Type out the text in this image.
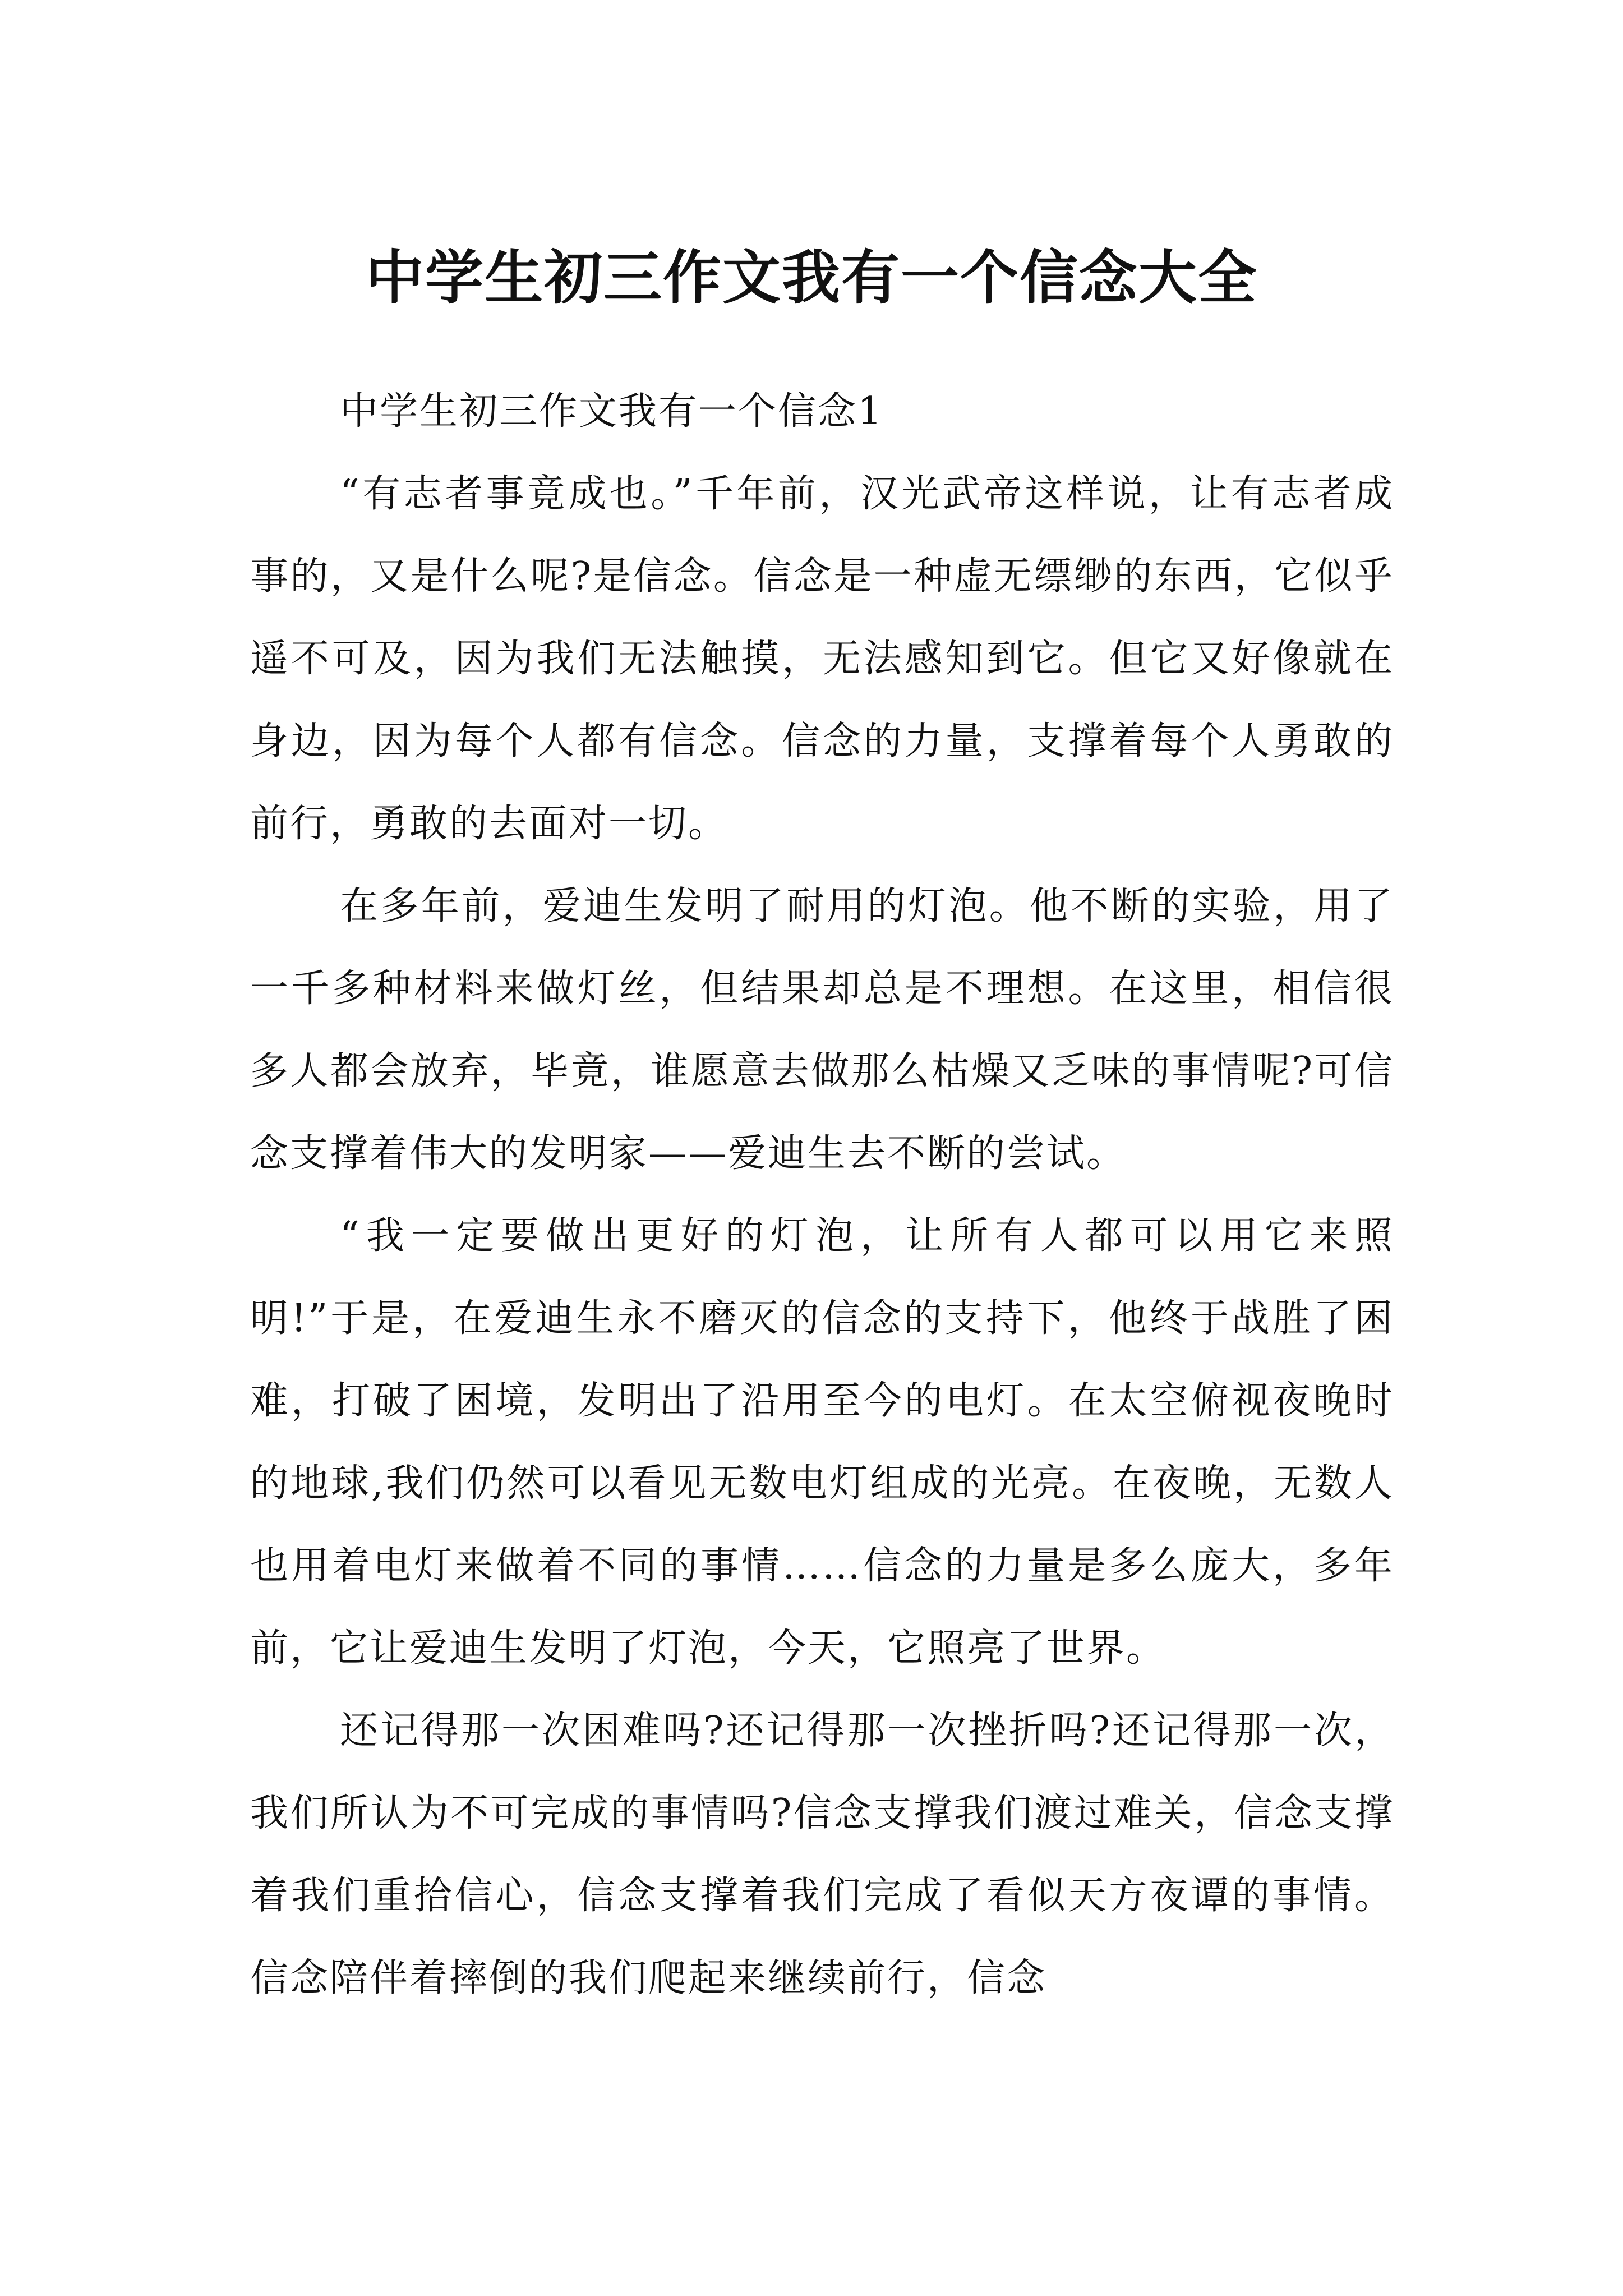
中学生初三作文我有一个信念大全

中学生初三作文我有一个信念1

“有志者事竟成也。”千年前，汉光武帝这样说，让有志者成事的，又是什么呢?是信念。信念是一种虚无缥缈的东西，它似乎遥不可及，因为我们无法触摸，无法感知到它。但它又好像就在身边，因为每个人都有信念。信念的力量，支撑着每个人勇敢的前行，勇敢的去面对一切。

在多年前，爱迪生发明了耐用的灯泡。他不断的实验，用了一千多种材料来做灯丝，但结果却总是不理想。在这里，相信很多人都会放弃，毕竟，谁愿意去做那么枯燥又乏味的事情呢?可信念支撑着伟大的发明家——爱迪生去不断的尝试。

“我一定要做出更好的灯泡，让所有人都可以用它来照明!”于是，在爱迪生永不磨灭的信念的支持下，他终于战胜了困难，打破了困境，发明出了沿用至今的电灯。在太空俯视夜晚时的地球,我们仍然可以看见无数电灯组成的光亮。在夜晚，无数人也用着电灯来做着不同的事情……信念的力量是多么庞大，多年前，它让爱迪生发明了灯泡，今天，它照亮了世界。

还记得那一次困难吗?还记得那一次挫折吗?还记得那一次，我们所认为不可完成的事情吗?信念支撑我们渡过难关，信念支撑着我们重拾信心，信念支撑着我们完成了看似天方夜谭的事情。信念陪伴着摔倒的我们爬起来继续前行，信念
